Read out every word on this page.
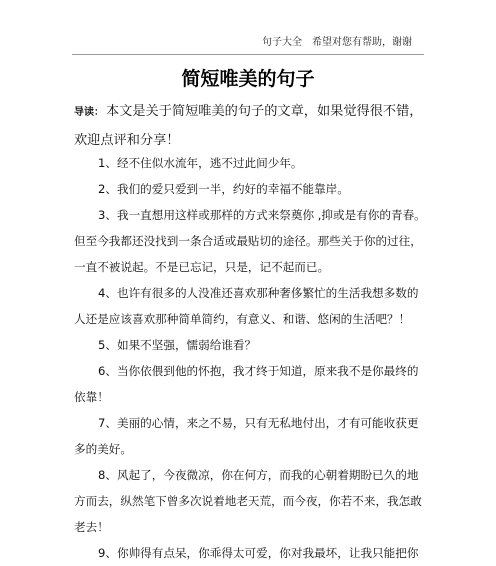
句子大全　希望对您有帮助，谢谢
简短唯美的句子
导读： 本文是关于简短唯美的句子的文章，如果觉得很不错，欢迎点评和分享！

1、经不住似水流年，逃不过此间少年。

2、我们的爱只爱到一半，约好的幸福不能靠岸。

3、我一直想用这样或那样的方式来祭奠你 ,抑或是有你的青春。但至今我都还没找到一条合适或最贴切的途径。那些关于你的过往，一直不被说起。不是已忘记，只是，记不起而已。

4、也许有很多的人没准还喜欢那种奢侈繁忙的生活我想多数的人还是应该喜欢那种简单简约，有意义、和谐、悠闲的生活吧？！

5、如果不坚强，懦弱给谁看？

6、当你依偎到他的怀抱，我才终于知道，原来我不是你最终的依靠！

7、美丽的心情，来之不易，只有无私地付出，才有可能收获更多的美好。

8、风起了，今夜微凉，你在何方，而我的心朝着期盼已久的地方而去，纵然笔下曾多次说着地老天荒，而今夜，你若不来，我怎敢老去！

9、你帅得有点呆，你乖得太可爱，你对我最坏，让我只能把你
